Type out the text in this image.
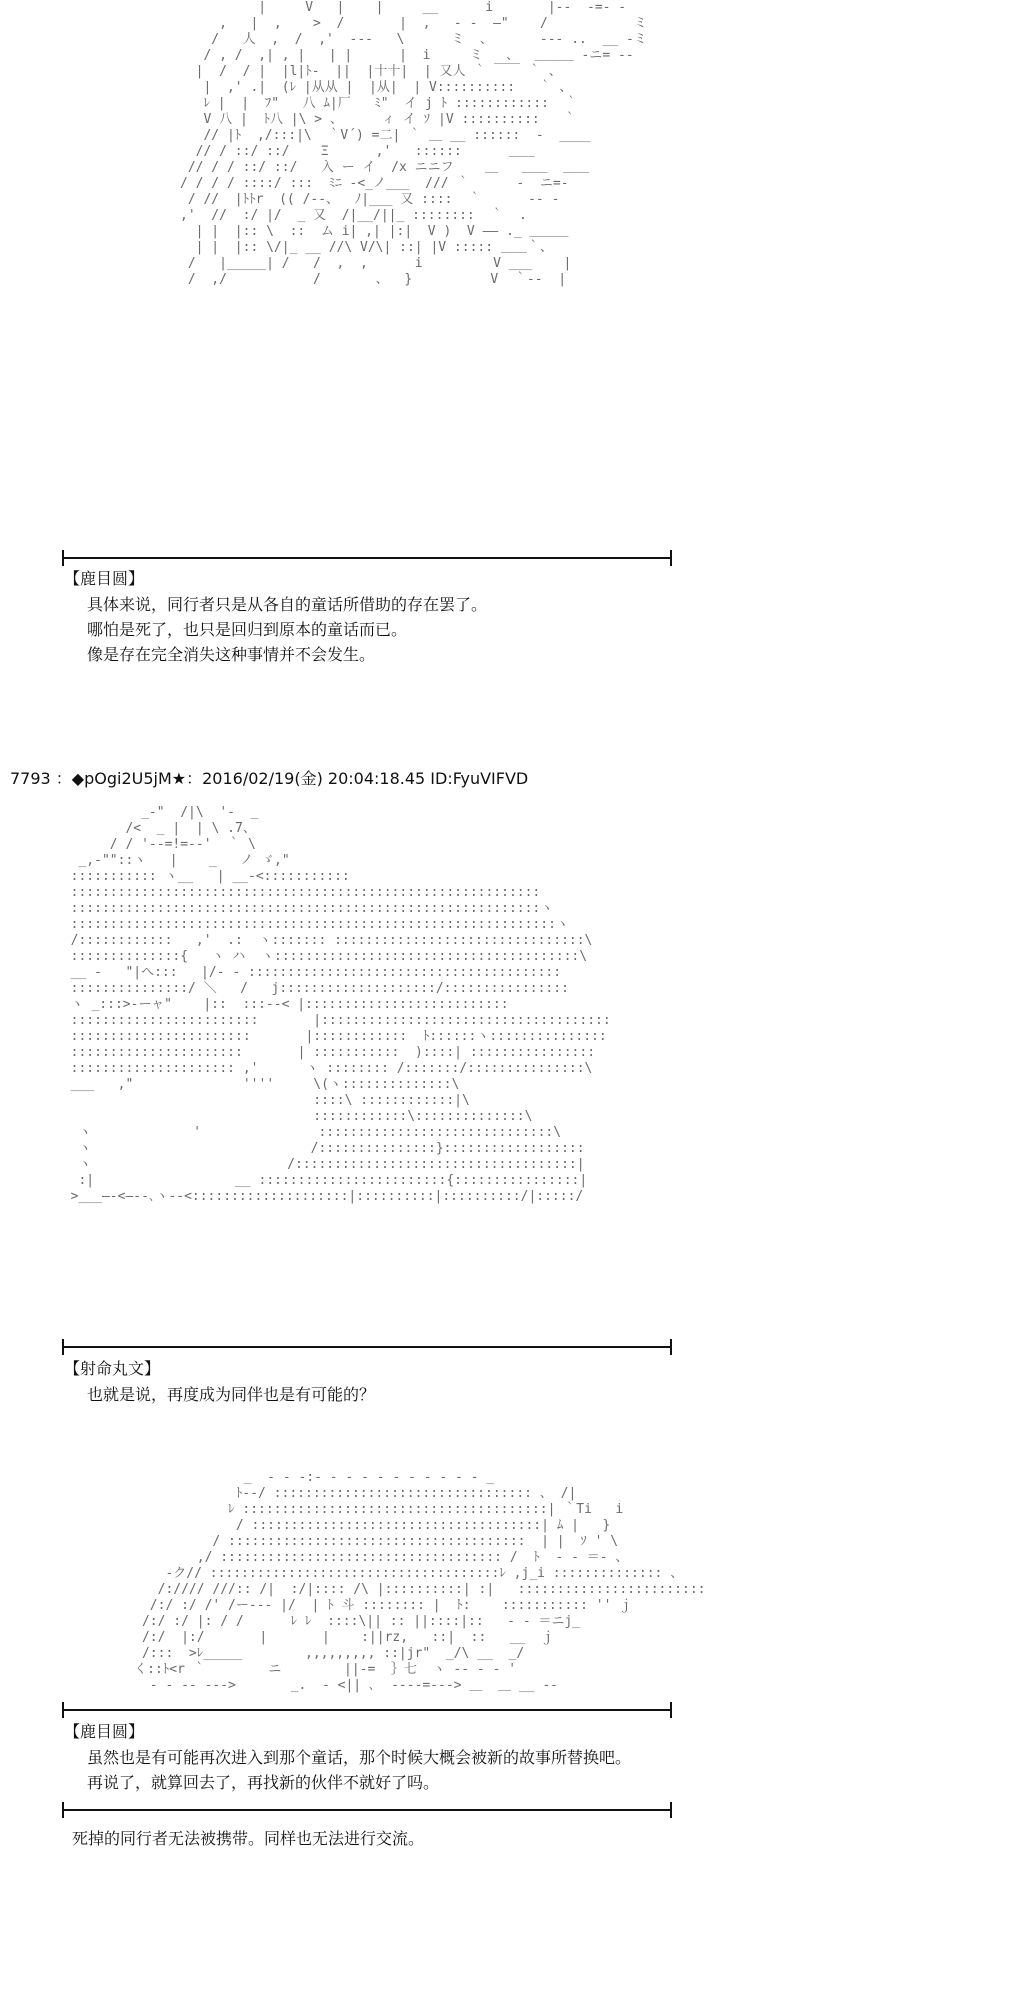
|     V   |    |     __      i       |--  -=- -
,   |  ,    >  /       |  ,   ‐ ‐  ―"    /           ミ
/   人  ,  /  ,'  ‐‐‐   \      ミ  、      ‐‐- ..  __ ‐ミ
/ , /  ,| , |   | |      |  i     ミ   、  ＿＿＿ ‐ニ= -‐
|  /  / |  |l|ﾄ-  ||  |十十|  | 又人 ｀ ￣￣ ｀ 、
|  ,' .|  (ﾚ |从从 |  |从|  | V::::::::::   ｀ 、
ﾚ |  |  ﾌ"   八 ﾑ|厂   ﾐ"  イ j ﾄ ::::::::::::  ｀
V 八 |  ﾄ八 |\ > 、     ィ イ ｿ |V ::::::::::   ｀
// |ﾄ  ,/:::|\  ｀V´) =二| ｀ ＿ __ ::::::  -  ____
// / ::/ ::/    Ξ      ,'   ::::::      ＿＿
// / / ::/ ::/   入 ー イ  /x ニニフ    ＿   ＿＿  ＿＿
/ / / / ::::/ :::  ﾐﾆ ‐<_ノ___  /// ｀      -  ニ=‐
/ //  |ﾄﾄr  (( /‐‐、  ﾉ|___ 又 ::::  ｀      -- ‐
,'  //  :/ |/  _ 又  /|__/||_ ::::::::  ｀  .
| |  |:: \  ::  ム i| ,| |:|  V )  V ―― ._ ＿＿＿
| |  |:: \/|_ __ //\ V/\| ::| |V ::::: ＿＿｀、
/   |_____| /   /  ,  ,      i         V ___    |
/  ,/           /       、  }          V  ｀--  |
【鹿目圆】
具体来说，同行者只是从各自的童话所借助的存在罢了。
哪怕是死了，也只是回归到原本的童话而已。
像是存在完全消失这种事情并不会发生。
7793 ：◆pOgi2U5jM★：2016/02/19(金) 20:04:18.45 ID:FyuVIFVD
_-"  /|\  '-  _
/<  _ |  | \ .7、
/ / '--=!=--'  ｀ \
_,-""::ヽ   |    _   ノ ゞ,"
::::::::::: ヽ__   | __-<:::::::::::
::::::::::::::::::::::::::::::::::::::::::::::::::::::::::::
::::::::::::::::::::::::::::::::::::::::::::::::::::::::::::ヽ
::::::::::::::::::::::::::::::::::::::::::::::::::::::::::::::ヽ
/::::::::::::   ,'  .:  ヽ::::::: ::::::::::::::::::::::::::::::::\
::::::::::::::{   ヽ ハ  ヽ:::::::::::::::::::::::::::::::::::::::\
__ ‐   "|へ:::   |/‐ ‐ ::::::::::::::::::::::::::::::::::::::::
:::::::::::::::/ ＼   /   j::::::::::::::::::::/::::::::::::::::
ヽ _:::>-ーャ"    |::  :::‐-< |::::::::::::::::::::::::::
::::::::::::::::::::::::       |:::::::::::::::::::::::::::::::::::::
:::::::::::::::::::::::       |::::::::::::  ﾄ::::::ヽ:::::::::::::::
::::::::::::::::::::::       | :::::::::::  )::::| ::::::::::::::::
::::::::::::::::::::: ,'      ヽ :::::::: /:::::::/:::::::::::::::\
___   ,"              ''''     \(ヽ::::::::::::::\
::::\ ::::::::::::|\
::::::::::::\::::::::::::::\
ヽ             '               ::::::::::::::::::::::::::::::\
ヽ                            /:::::::::::::::}::::::::::::::::::
ヽ                         /::::::::::::::::::::::::::::::::::::|
:|                  __ ::::::::::::::::::::::::{::::::::::::::::|
>___―‐<―‐‐､ヽ‐‐<::::::::::::::::::::|::::::::::|::::::::::/|:::::/
【射命丸文】
也就是说，再度成为同伴也是有可能的？
_  ‐ ‐ ‐:‐ ‐ ‐ ‐ ‐ ‐ ‐ ‐ ‐ ‐ ‐ _
ﾄ‐‐/ ::::::::::::::::::::::::::::::::: 、 /|
ﾚ :::::::::::::::::::::::::::::::::::::::| ｀Ti   i
/ :::::::::::::::::::::::::::::::::::::| ﾑ |   }
/ ::::::::::::::::::::::::::::::::::::::  | |  ｿ ' \
,/ :::::::::::::::::::::::::::::::::::: /  ﾄ  ‐ ‐ ＝- 、
‐ク// :::::::::::::::::::::::::::::::::::::ﾚ ,j_i :::::::::::::: 、
/://// ///:: /|  :/|:::: /\ |::::::::::| :|   ::::::::::::::::::::::::
/:/ :/ /' /ー‐‐‐ |/  | ﾄ 斗 :::::::: |  ﾄ:    ::::::::::: '' ｊ
/:/ :/ |: / /      ﾚ ﾚ  ::::\|| :: ||::::|::   ‐ ‐ ＝ニj_
/:/  |:/       |       |    :||rz,   ::|  ::   __  ｊ
/:::  >ﾚ_____        ,,,,,,,,, ::|jr"  _/\ __  _/
く::ﾄ<r ｀        ニ        ||‐=  ｝七  ヽ ‐‐ ‐ ‐ '
‐ ‐ ‐‐ ‐‐‐>       _.  ‐ <|| ､  ‐-‐-=‐‐‐> ＿  ＿ __ -‐
【鹿目圆】
虽然也是有可能再次进入到那个童话，那个时候大概会被新的故事所替换吧。
再说了，就算回去了，再找新的伙伴不就好了吗。
死掉的同行者无法被携带。同样也无法进行交流。
